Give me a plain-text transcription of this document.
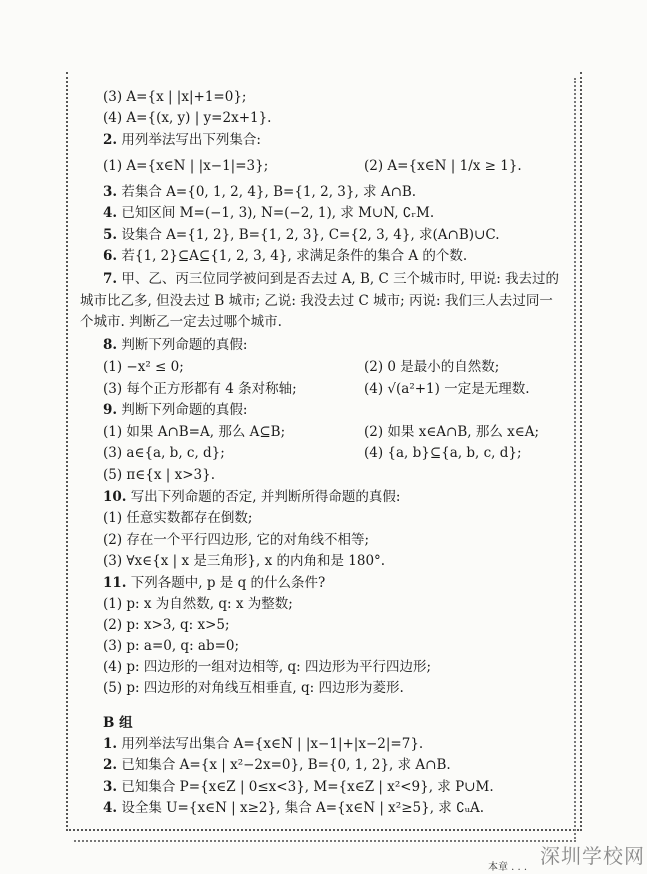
(3) A={x | |x|+1=0};
(4) A={(x, y) | y=2x+1}.
2. 用列举法写出下列集合:
(1) A={x∈N | |x−1|=3};	(2) A={x∈N | 1/x ≥ 1}.
3. 若集合 A={0, 1, 2, 4}, B={1, 2, 3}, 求 A∩B.
4. 已知区间 M=(−1, 3), N=(−2, 1), 求 M∪N, ∁ᵣM.
5. 设集合 A={1, 2}, B={1, 2, 3}, C={2, 3, 4}, 求(A∩B)∪C.
6. 若{1, 2}⊆A⊆{1, 2, 3, 4}, 求满足条件的集合 A 的个数.
7. 甲、乙、丙三位同学被问到是否去过 A, B, C 三个城市时, 甲说: 我去过的
城市比乙多, 但没去过 B 城市; 乙说: 我没去过 C 城市; 丙说: 我们三人去过同一
个城市. 判断乙一定去过哪个城市.
8. 判断下列命题的真假:
(1) −x² ≤ 0;	(2) 0 是最小的自然数;
(3) 每个正方形都有 4 条对称轴;	(4) √(a²+1) 一定是无理数.
9. 判断下列命题的真假:
(1) 如果 A∩B=A, 那么 A⊆B;	(2) 如果 x∈A∩B, 那么 x∈A;
(3) a∈{a, b, c, d};	(4) {a, b}⊆{a, b, c, d};
(5) π∈{x | x>3}.
10. 写出下列命题的否定, 并判断所得命题的真假:
(1) 任意实数都存在倒数;
(2) 存在一个平行四边形, 它的对角线不相等;
(3) ∀x∈{x | x 是三角形}, x 的内角和是 180°.
11. 下列各题中, p 是 q 的什么条件?
(1) p: x 为自然数, q: x 为整数;
(2) p: x>3, q: x>5;
(3) p: a=0, q: ab=0;
(4) p: 四边形的一组对边相等, q: 四边形为平行四边形;
(5) p: 四边形的对角线互相垂直, q: 四边形为菱形.
B 组
1. 用列举法写出集合 A={x∈N | |x−1|+|x−2|=7}.
2. 已知集合 A={x | x²−2x=0}, B={0, 1, 2}, 求 A∩B.
3. 已知集合 P={x∈Z | 0≤x<3}, M={x∈Z | x²<9}, 求 P∪M.
4. 设全集 U={x∈N | x≥2}, 集合 A={x∈N | x²≥5}, 求 ∁ᵤA.
深圳学校网
本章 . . .
